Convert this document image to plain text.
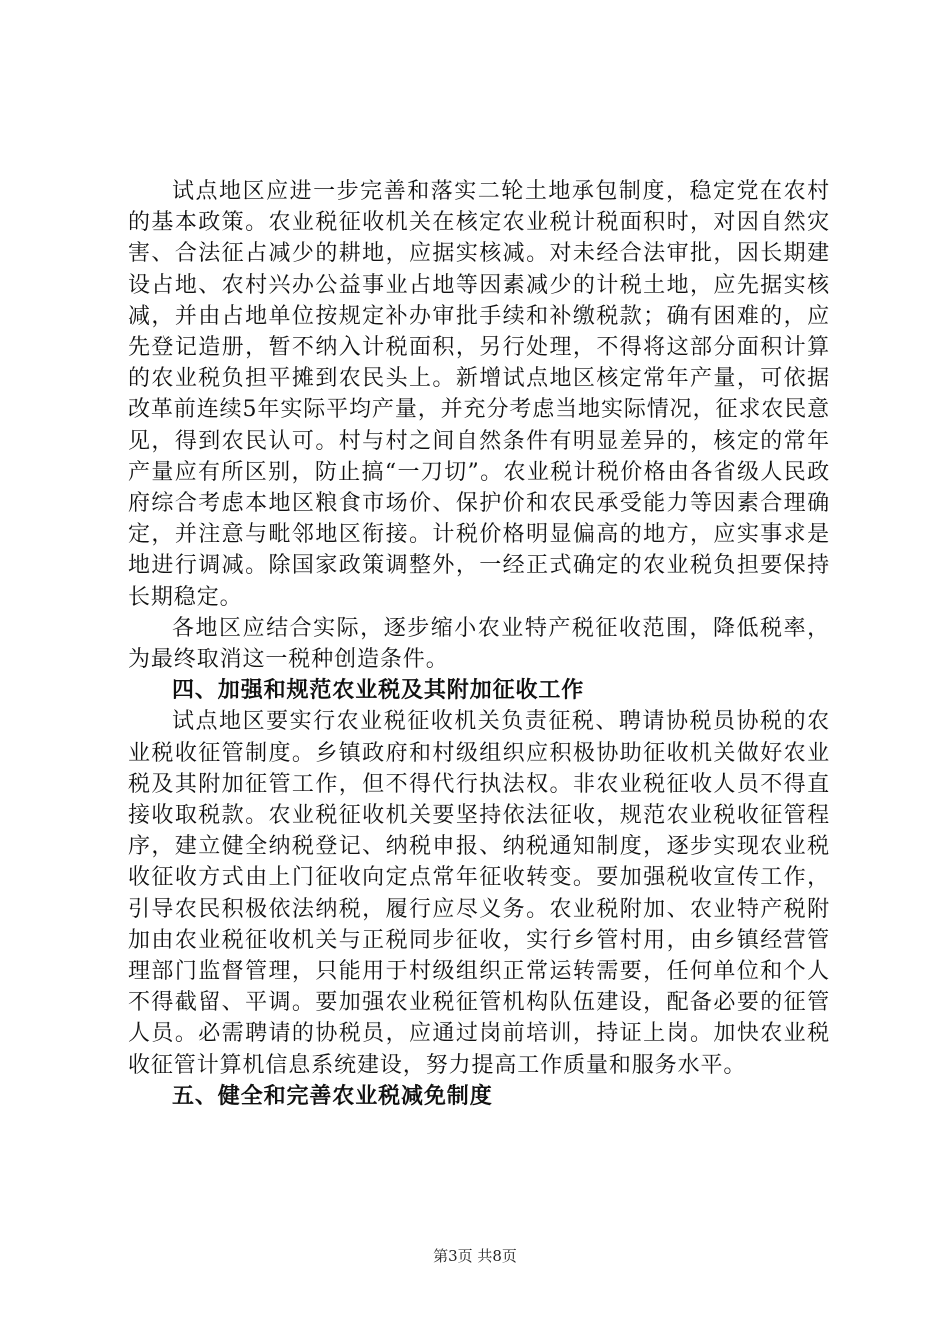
试点地区应进一步完善和落实二轮土地承包制度，稳定党在农村的基本政策。农业税征收机关在核定农业税计税面积时，对因自然灾害、合法征占减少的耕地，应据实核减。对未经合法审批，因长期建设占地、农村兴办公益事业占地等因素减少的计税土地，应先据实核减，并由占地单位按规定补办审批手续和补缴税款；确有困难的，应先登记造册，暂不纳入计税面积，另行处理，不得将这部分面积计算的农业税负担平摊到农民头上。新增试点地区核定常年产量，可依据改革前连续5年实际平均产量，并充分考虑当地实际情况，征求农民意见，得到农民认可。村与村之间自然条件有明显差异的，核定的常年产量应有所区别，防止搞“一刀切”。农业税计税价格由各省级人民政府综合考虑本地区粮食市场价、保护价和农民承受能力等因素合理确定，并注意与毗邻地区衔接。计税价格明显偏高的地方，应实事求是地进行调减。除国家政策调整外，一经正式确定的农业税负担要保持长期稳定。

各地区应结合实际，逐步缩小农业特产税征收范围，降低税率，为最终取消这一税种创造条件。

四、加强和规范农业税及其附加征收工作

试点地区要实行农业税征收机关负责征税、聘请协税员协税的农业税收征管制度。乡镇政府和村级组织应积极协助征收机关做好农业税及其附加征管工作，但不得代行执法权。非农业税征收人员不得直接收取税款。农业税征收机关要坚持依法征收，规范农业税收征管程序，建立健全纳税登记、纳税申报、纳税通知制度，逐步实现农业税收征收方式由上门征收向定点常年征收转变。要加强税收宣传工作，引导农民积极依法纳税，履行应尽义务。农业税附加、农业特产税附加由农业税征收机关与正税同步征收，实行乡管村用，由乡镇经营管理部门监督管理，只能用于村级组织正常运转需要，任何单位和个人不得截留、平调。要加强农业税征管机构队伍建设，配备必要的征管人员。必需聘请的协税员，应通过岗前培训，持证上岗。加快农业税收征管计算机信息系统建设，努力提高工作质量和服务水平。

五、健全和完善农业税减免制度

第3页 共8页
